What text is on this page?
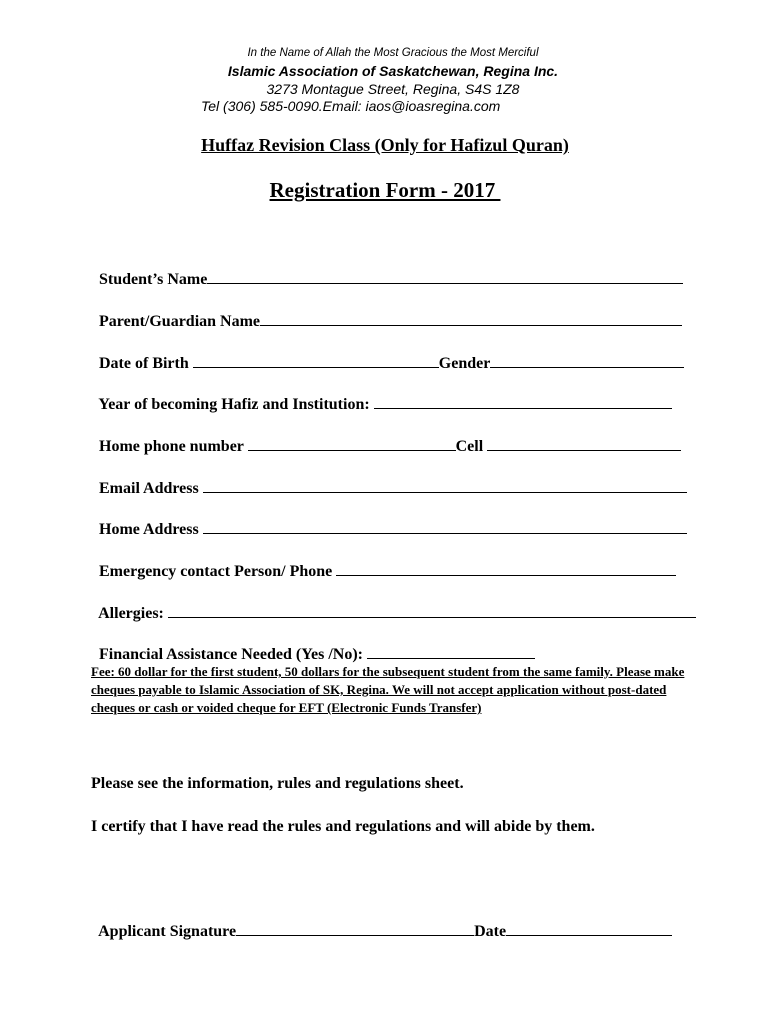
In the Name of Allah the Most Gracious the Most Merciful
Islamic Association of Saskatchewan, Regina Inc.
3273 Montague Street, Regina, S4S 1Z8
Tel (306) 585-0090.Email: iaos@ioasregina.com
Huffaz Revision Class (Only for Hafizul Quran)
Registration Form - 2017

Student’s Name

Parent/Guardian Name

Date of Birth	Gender

Year of becoming Hafiz and Institution:

Home phone number	Cell

Email Address

Home Address

Emergency contact Person/ Phone

Allergies:

Financial Assistance Needed (Yes /No):

Fee: 60 dollar for the first student, 50 dollars for the subsequent student from the same family. Please make cheques payable to Islamic Association of SK, Regina. We will not accept application without post-dated cheques or cash or voided cheque for EFT (Electronic Funds Transfer)
Please see the information, rules and regulations sheet.
I certify that I have read the rules and regulations and will abide by them.

Applicant Signature	Date
